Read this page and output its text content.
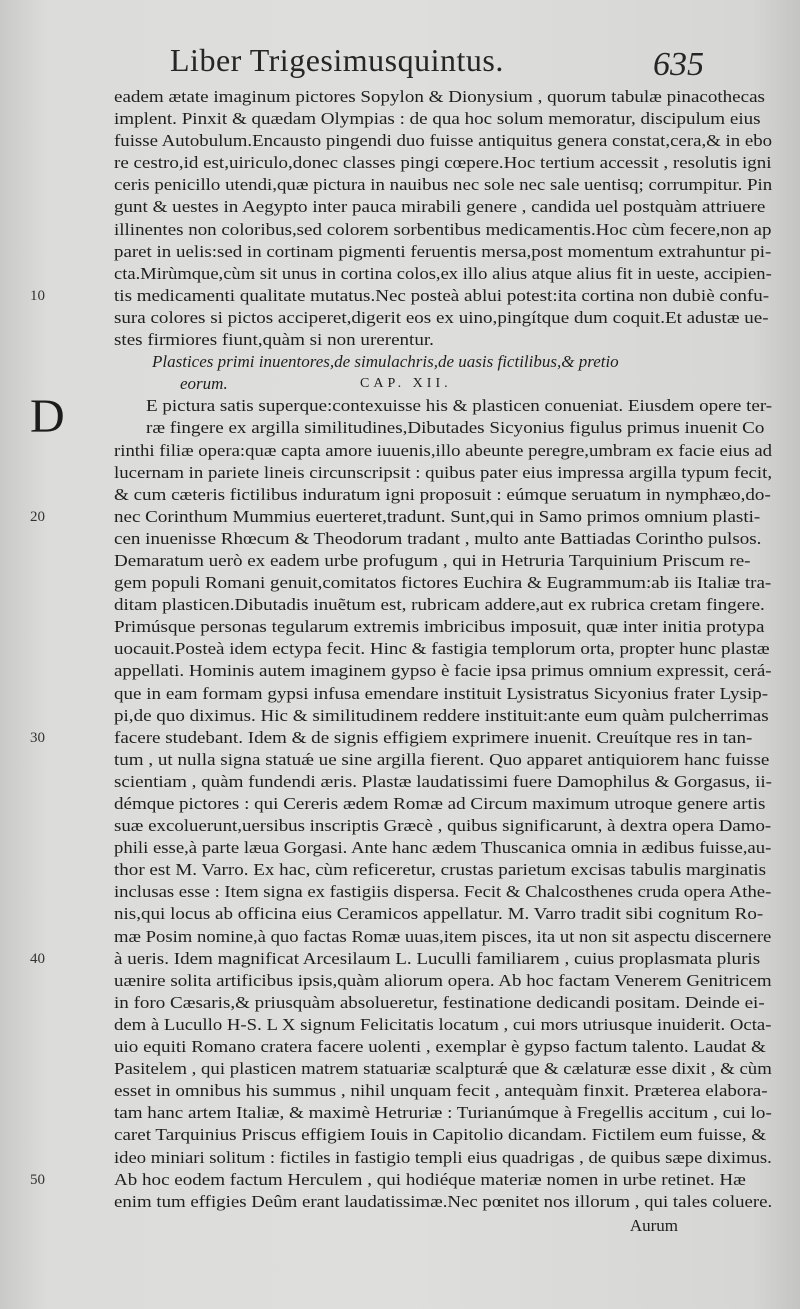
Liber Trigesimusquintus.	635
eadem ætate imaginum pictores Sopylon & Dionysium , quorum tabulæ pinacothecas
implent. Pinxit & quædam Olympias : de qua hoc solum memoratur, discipulum eius
fuisse Autobulum.Encausto pingendi duo fuisse antiquitus genera constat,cera,& in ebo
re cestro,id est,uiriculo,donec classes pingi cœpere.Hoc tertium accessit , resolutis igni
ceris penicillo utendi,quæ pictura in nauibus nec sole nec sale uentisq; corrumpitur. Pin
gunt & uestes in Aegypto inter pauca mirabili genere , candida uel postquàm attriuere
illinentes non coloribus,sed colorem sorbentibus medicamentis.Hoc cùm fecere,non ap
paret in uelis:sed in cortinam pigmenti feruentis mersa,post momentum extrahuntur pi-
cta.Mirùmque,cùm sit unus in cortina colos,ex illo alius atque alius fit in ueste, accipien-
10	tis medicamenti qualitate mutatus.Nec posteà ablui potest:ita cortina non dubiè confu-
sura colores si pictos acciperet,digerit eos ex uino,pingítque dum coquit.Et adustæ ue-
stes firmiores fiunt,quàm si non urerentur.
Plastices primi inuentores,de simulachris,de uasis fictilibus,& pretio
eorum.	CAP. XII.
D	E pictura satis superque:contexuisse his & plasticen conueniat. Eiusdem opere ter-
ræ fingere ex argilla similitudines,Dibutades Sicyonius figulus primus inuenit Co
rinthi filiæ opera:quæ capta amore iuuenis,illo abeunte peregre,umbram ex facie eius ad
lucernam in pariete lineis circunscripsit : quibus pater eius impressa argilla typum fecit,
& cum cæteris fictilibus induratum igni proposuit : eúmque seruatum in nymphæo,do-
20	nec Corinthum Mummius euerteret,tradunt. Sunt,qui in Samo primos omnium plasti-
cen inuenisse Rhœcum & Theodorum tradant , multo ante Battiadas Corintho pulsos.
Demaratum uerò ex eadem urbe profugum , qui in Hetruria Tarquinium Priscum re-
gem populi Romani genuit,comitatos fictores Euchira & Eugrammum:ab iis Italiæ tra-
ditam plasticen.Dibutadis inuẽtum est, rubricam addere,aut ex rubrica cretam fingere.
Primúsque personas tegularum extremis imbricibus imposuit, quæ inter initia protypa
uocauit.Posteà idem ectypa fecit. Hinc & fastigia templorum orta, propter hunc plastæ
appellati. Hominis autem imaginem gypso è facie ipsa primus omnium expressit, cerá-
que in eam formam gypsi infusa emendare instituit Lysistratus Sicyonius frater Lysip-
pi,de quo diximus. Hic & similitudinem reddere instituit:ante eum quàm pulcherrimas
30	facere studebant. Idem & de signis effigiem exprimere inuenit. Creuítque res in tan-
tum , ut nulla signa statuǽ ue sine argilla fierent. Quo apparet antiquiorem hanc fuisse
scientiam , quàm fundendi æris. Plastæ laudatissimi fuere Damophilus & Gorgasus, ii-
démque pictores : qui Cereris ædem Romæ ad Circum maximum utroque genere artis
suæ excoluerunt,uersibus inscriptis Græcè , quibus significarunt, à dextra opera Damo-
phili esse,à parte læua Gorgasi. Ante hanc ædem Thuscanica omnia in ædibus fuisse,au-
thor est M. Varro. Ex hac, cùm reficeretur, crustas parietum excisas tabulis marginatis
inclusas esse : Item signa ex fastigiis dispersa. Fecit & Chalcosthenes cruda opera Athe-
nis,qui locus ab officina eius Ceramicos appellatur. M. Varro tradit sibi cognitum Ro-
mæ Posim nomine,à quo factas Romæ uuas,item pisces, ita ut non sit aspectu discernere
40	à ueris. Idem magnificat Arcesilaum L. Luculli familiarem , cuius proplasmata pluris
uænire solita artificibus ipsis,quàm aliorum opera. Ab hoc factam Venerem Genitricem
in foro Cæsaris,& priusquàm absolueretur, festinatione dedicandi positam. Deinde ei-
dem à Lucullo H-S. L X signum Felicitatis locatum , cui mors utriusque inuiderit. Octa-
uio equiti Romano cratera facere uolenti , exemplar è gypso factum talento. Laudat &
Pasitelem , qui plasticen matrem statuariæ scalpturǽ que & cælaturæ esse dixit , & cùm
esset in omnibus his summus , nihil unquam fecit , antequàm finxit. Præterea elabora-
tam hanc artem Italiæ, & maximè Hetruriæ : Turianúmque à Fregellis accitum , cui lo-
caret Tarquinius Priscus effigiem Iouis in Capitolio dicandam. Fictilem eum fuisse, &
ideo miniari solitum : fictiles in fastigio templi eius quadrigas , de quibus sæpe diximus.
50	Ab hoc eodem factum Herculem , qui hodiéque materiæ nomen in urbe retinet. Hæ
enim tum effigies Deûm erant laudatissimæ.Nec pœnitet nos illorum , qui tales coluere.
Aurum
